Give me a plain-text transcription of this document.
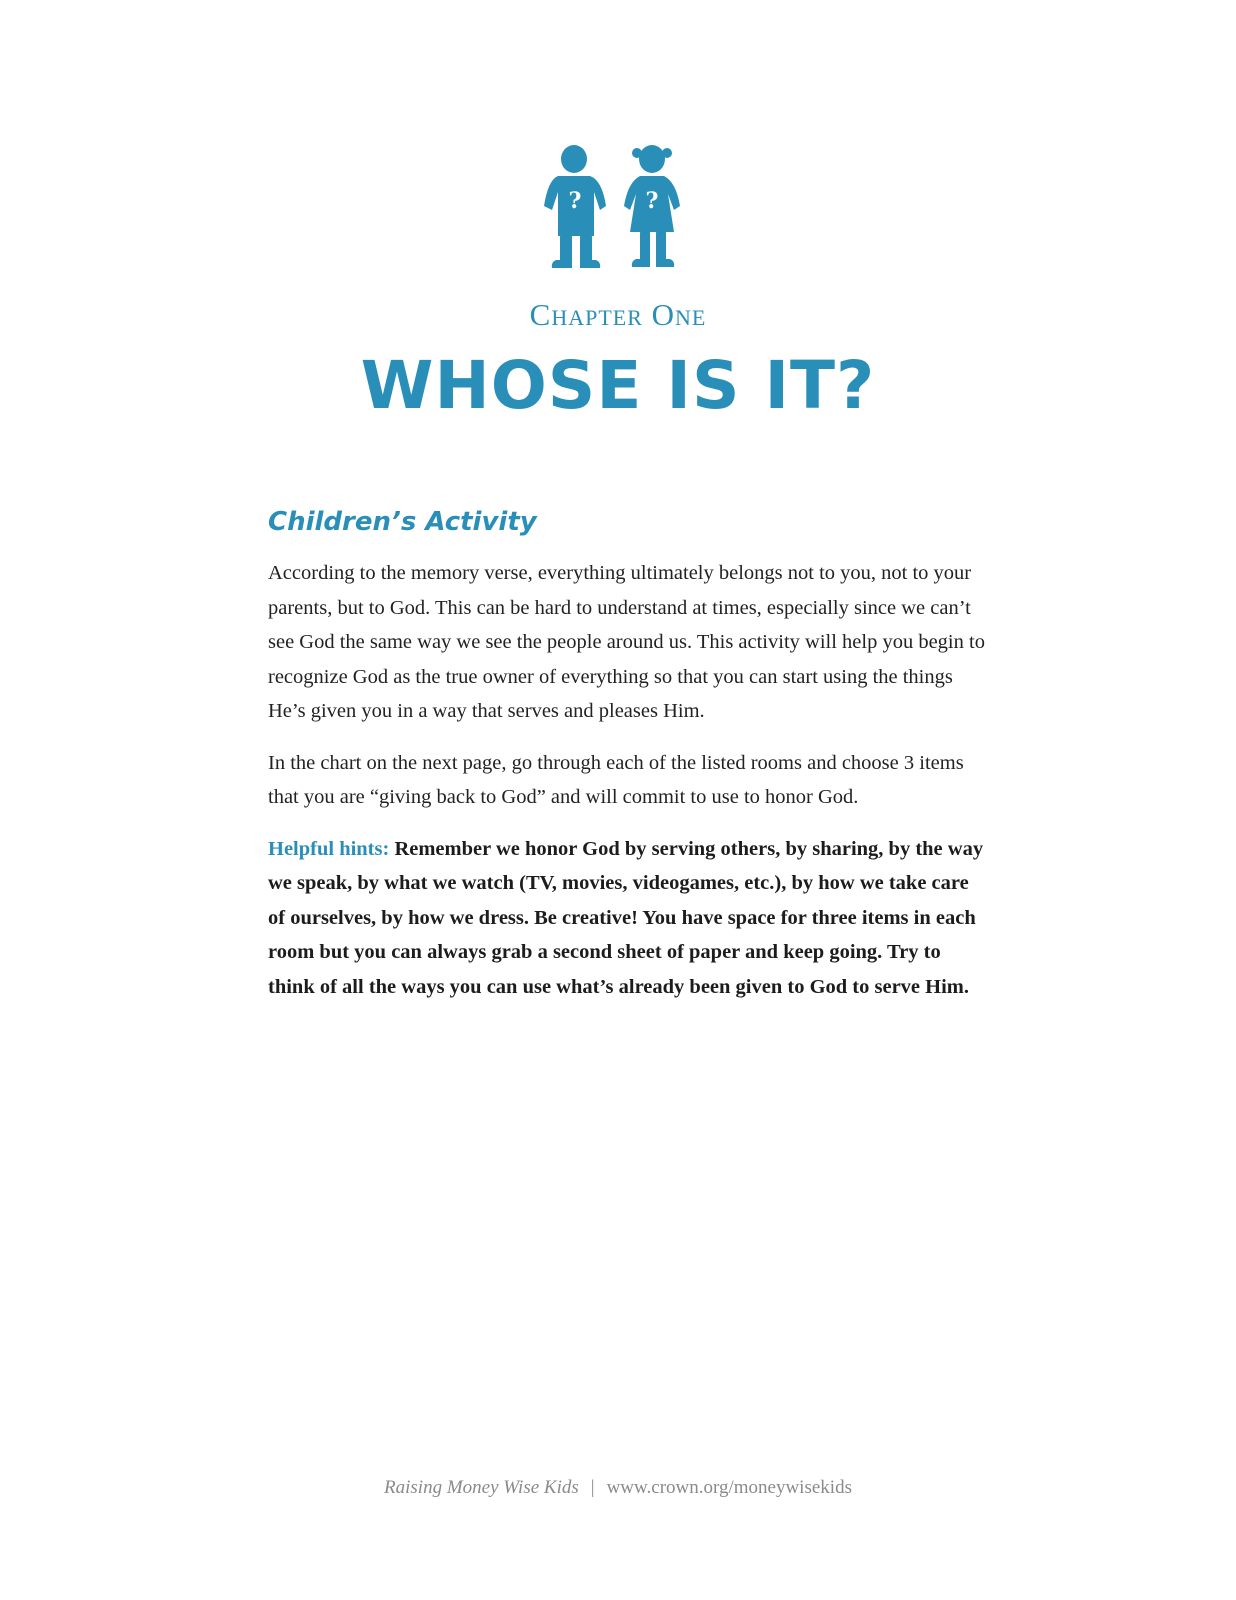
?	?
Chapter One
WHOSE IS IT?
Children’s Activity

According to the memory verse, everything ultimately belongs not to you, not to your parents, but to God. This can be hard to understand at times, especially since we can’t see God the same way we see the people around us. This activity will help you begin to recognize God as the true owner of everything so that you can start using the things He’s given you in a way that serves and pleases Him.

In the chart on the next page, go through each of the listed rooms and choose 3 items that you are “giving back to God” and will commit to use to honor God.

Helpful hints: Remember we honor God by serving others, by sharing, by the way we speak, by what we watch (TV, movies, videogames, etc.), by how we take care of ourselves, by how we dress. Be creative! You have space for three items in each room but you can always grab a second sheet of paper and keep going. Try to think of all the ways you can use what’s already been given to God to serve Him.

Raising Money Wise Kids | www.crown.org/moneywisekids
